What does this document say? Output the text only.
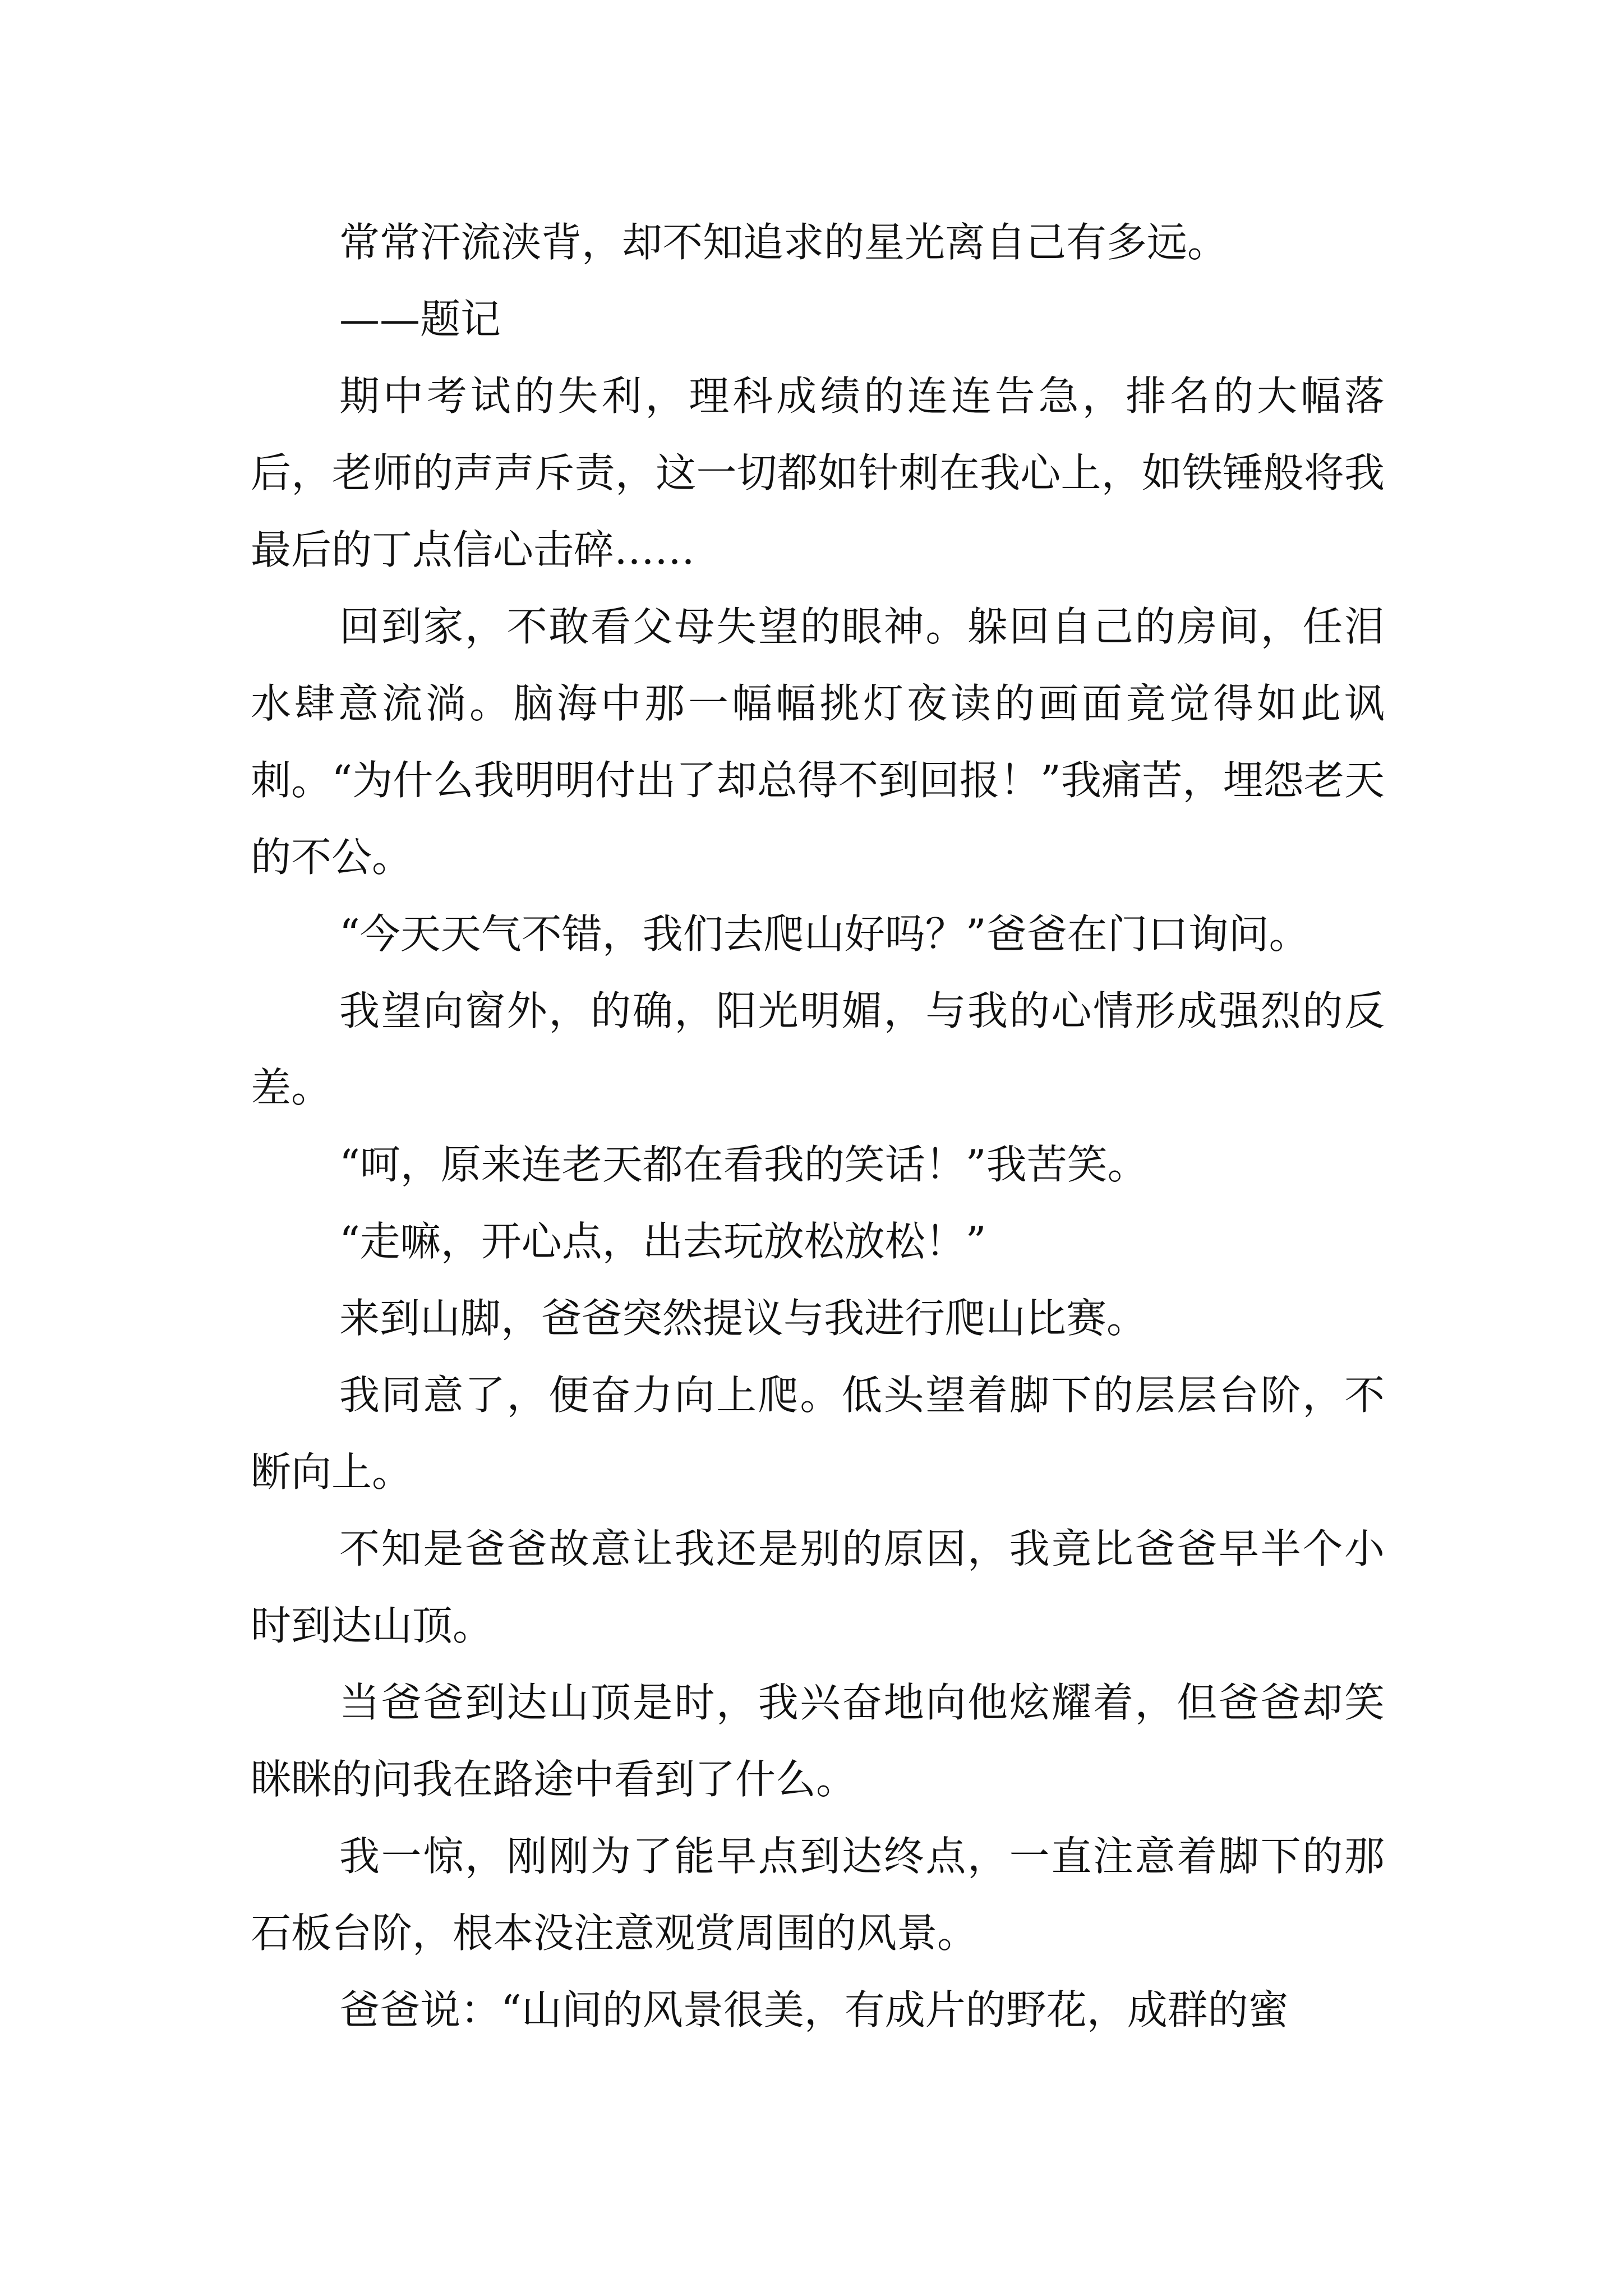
常常汗流浃背，却不知追求的星光离自己有多远。

——题记

期中考试的失利，理科成绩的连连告急，排名的大幅落后，老师的声声斥责，这一切都如针刺在我心上，如铁锤般将我最后的丁点信心击碎……

回到家，不敢看父母失望的眼神。躲回自己的房间，任泪水肆意流淌。脑海中那一幅幅挑灯夜读的画面竟觉得如此讽刺。“为什么我明明付出了却总得不到回报！”我痛苦，埋怨老天的不公。

“今天天气不错，我们去爬山好吗？”爸爸在门口询问。

我望向窗外，的确，阳光明媚，与我的心情形成强烈的反差。

“呵，原来连老天都在看我的笑话！”我苦笑。

“走嘛，开心点，出去玩放松放松！”

来到山脚，爸爸突然提议与我进行爬山比赛。

我同意了，便奋力向上爬。低头望着脚下的层层台阶，不断向上。

不知是爸爸故意让我还是别的原因，我竟比爸爸早半个小时到达山顶。

当爸爸到达山顶是时，我兴奋地向他炫耀着，但爸爸却笑眯眯的问我在路途中看到了什么。

我一惊，刚刚为了能早点到达终点，一直注意着脚下的那石板台阶，根本没注意观赏周围的风景。

爸爸说：“山间的风景很美，有成片的野花，成群的蜜
